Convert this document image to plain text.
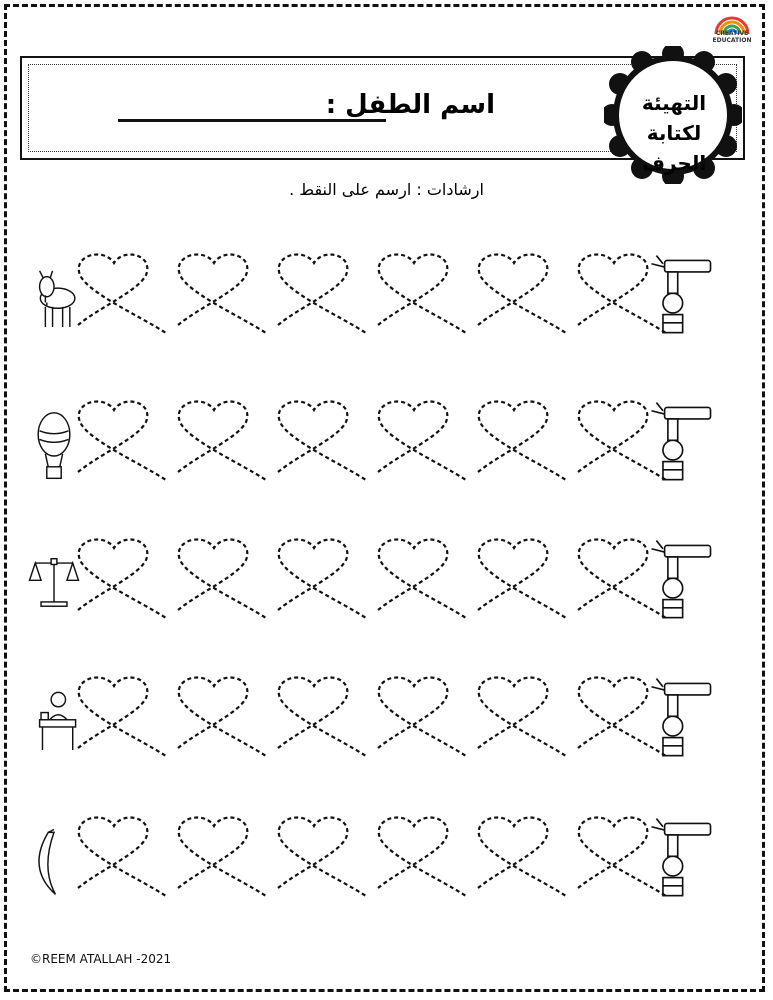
CREATIVE EDUCATION
اسم الطفل :	التهيئة لكتابة
الحرف
ارشادات : ارسم على النقط .
©REEM ATALLAH -2021
